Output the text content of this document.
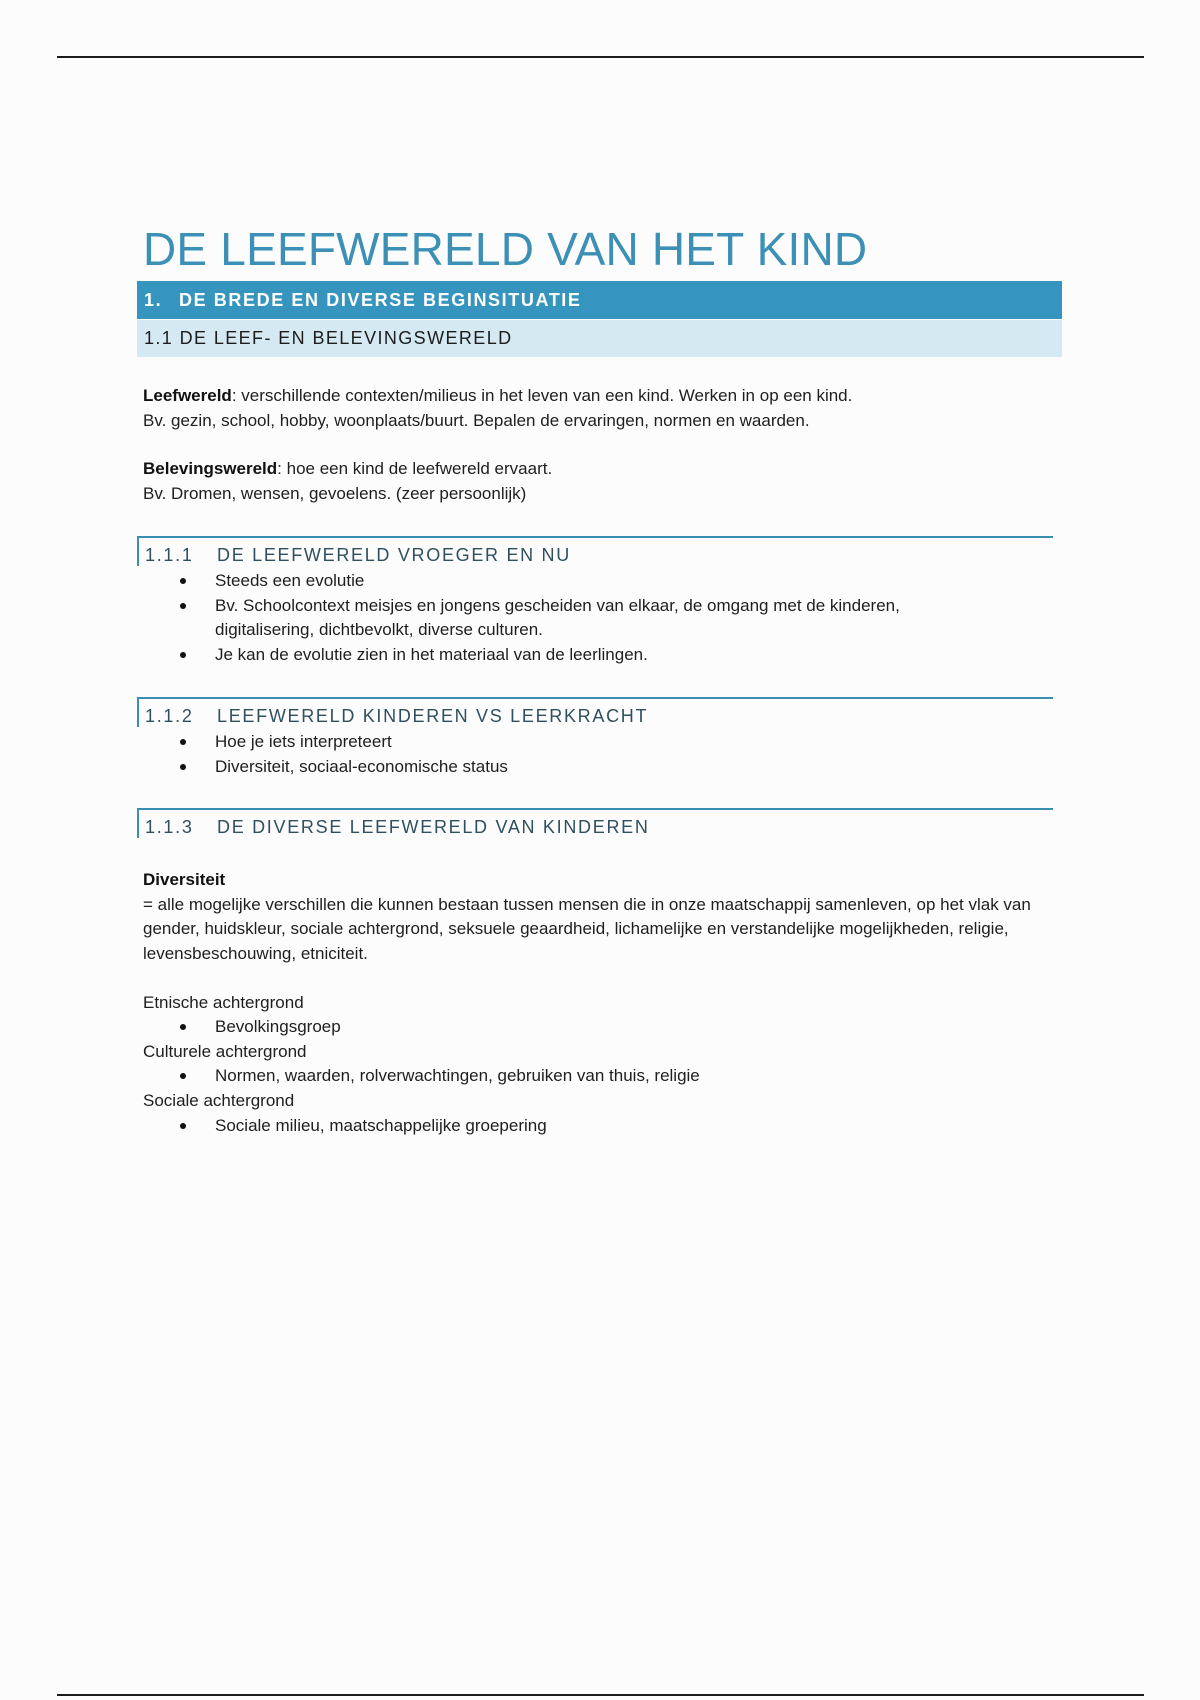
DE LEEFWERELD VAN HET KIND
1. DE BREDE EN DIVERSE BEGINSITUATIE
1.1 DE LEEF- EN BELEVINGSWERELD
Leefwereld: verschillende contexten/milieus in het leven van een kind. Werken in op een kind.
Bv. gezin, school, hobby, woonplaats/buurt. Bepalen de ervaringen, normen en waarden.
Belevingswereld: hoe een kind de leefwereld ervaart.
Bv. Dromen, wensen, gevoelens. (zeer persoonlijk)
1.1.1 DE LEEFWERELD VROEGER EN NU
Steeds een evolutie
Bv. Schoolcontext meisjes en jongens gescheiden van elkaar, de omgang met de kinderen, digitalisering, dichtbevolkt, diverse culturen.
Je kan de evolutie zien in het materiaal van de leerlingen.
1.1.2 LEEFWERELD KINDEREN VS LEERKRACHT
Hoe je iets interpreteert
Diversiteit, sociaal-economische status
1.1.3 DE DIVERSE LEEFWERELD VAN KINDEREN
Diversiteit
= alle mogelijke verschillen die kunnen bestaan tussen mensen die in onze maatschappij samenleven, op het vlak van gender, huidskleur, sociale achtergrond, seksuele geaardheid, lichamelijke en verstandelijke mogelijkheden, religie, levensbeschouwing, etniciteit.
Etnische achtergrond
Bevolkingsgroep
Culturele achtergrond
Normen, waarden, rolverwachtingen, gebruiken van thuis, religie
Sociale achtergrond
Sociale milieu, maatschappelijke groepering
